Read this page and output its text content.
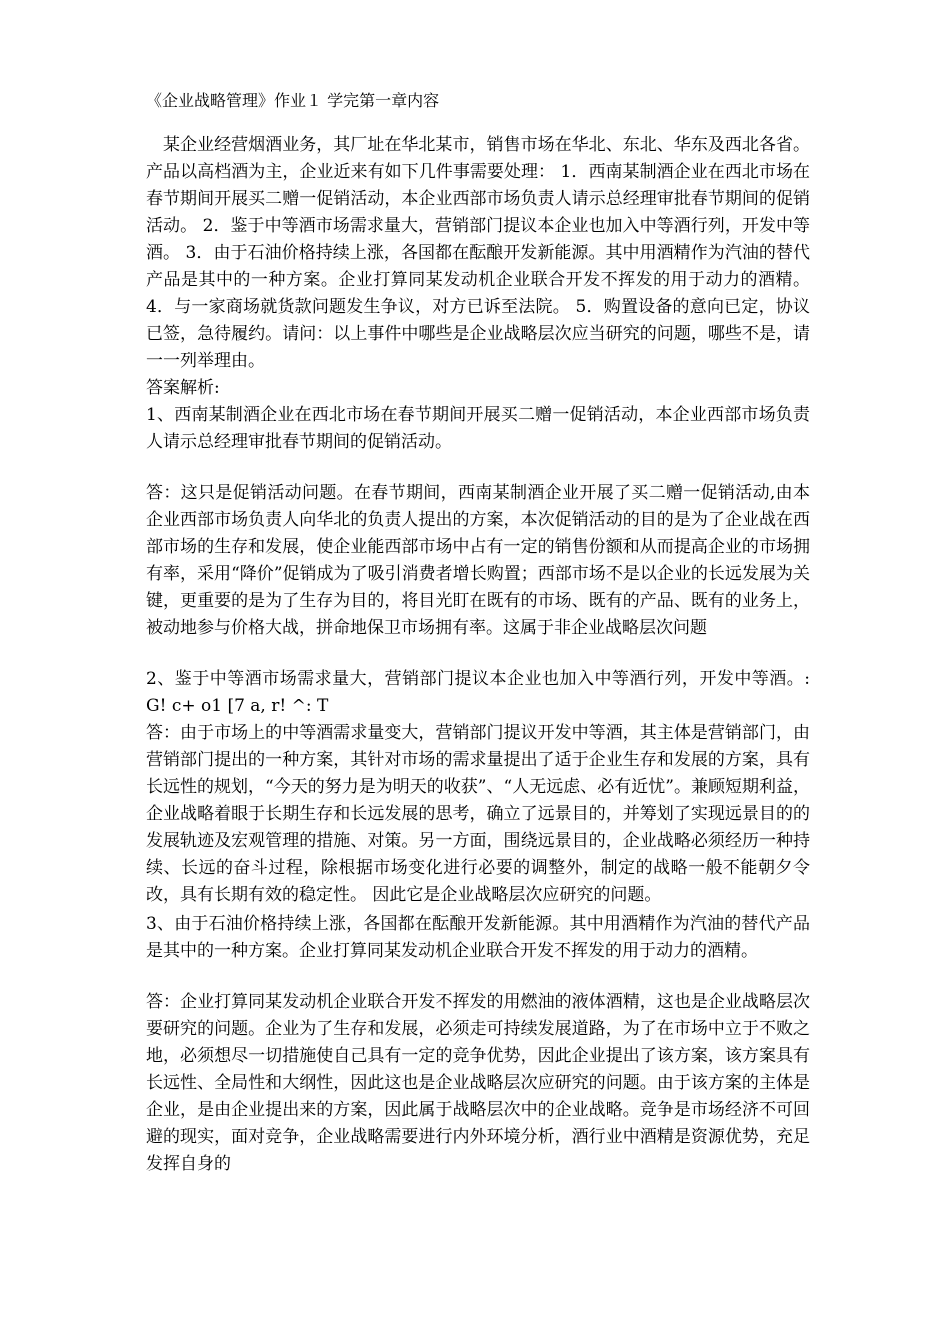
《企业战略管理》作业１ 学完第一章内容

某企业经营烟酒业务，其厂址在华北某市，销售市场在华北、东北、华东及西北各省。产品以高档酒为主，企业近来有如下几件事需要处理： 1．西南某制酒企业在西北市场在春节期间开展买二赠一促销活动，本企业西部市场负责人请示总经理审批春节期间的促销活动。 2．鉴于中等酒市场需求量大，营销部门提议本企业也加入中等酒行列，开发中等酒。 3．由于石油价格持续上涨，各国都在酝酿开发新能源。其中用酒精作为汽油的替代产品是其中的一种方案。企业打算同某发动机企业联合开发不挥发的用于动力的酒精。 4．与一家商场就货款问题发生争议，对方已诉至法院。 5．购置设备的意向已定，协议已签，急待履约。请问：以上事件中哪些是企业战略层次应当研究的问题，哪些不是，请一一列举理由。

答案解析:

1、西南某制酒企业在西北市场在春节期间开展买二赠一促销活动，本企业西部市场负责人请示总经理审批春节期间的促销活动。

答：这只是促销活动问题。在春节期间，西南某制酒企业开展了买二赠一促销活动,由本企业西部市场负责人向华北的负责人提出的方案，本次促销活动的目的是为了企业战在西部市场的生存和发展，使企业能西部市场中占有一定的销售份额和从而提高企业的市场拥有率，采用“降价”促销成为了吸引消费者增长购置；西部市场不是以企业的长远发展为关键，更重要的是为了生存为目的，将目光盯在既有的市场、既有的产品、既有的业务上，被动地参与价格大战，拼命地保卫市场拥有率。这属于非企业战略层次问题

2、鉴于中等酒市场需求量大，营销部门提议本企业也加入中等酒行列，开发中等酒。: G! c+ o1 [7 a, r! ^: T

答：由于市场上的中等酒需求量变大，营销部门提议开发中等酒，其主体是营销部门，由营销部门提出的一种方案，其针对市场的需求量提出了适于企业生存和发展的方案，具有长远性的规划，“今天的努力是为明天的收获”、“人无远虑、必有近忧”。兼顾短期利益，企业战略着眼于长期生存和长远发展的思考，确立了远景目的，并筹划了实现远景目的的发展轨迹及宏观管理的措施、对策。另一方面，围绕远景目的，企业战略必须经历一种持续、长远的奋斗过程，除根据市场变化进行必要的调整外，制定的战略一般不能朝夕令改，具有长期有效的稳定性。 因此它是企业战略层次应研究的问题。

3、由于石油价格持续上涨，各国都在酝酿开发新能源。其中用酒精作为汽油的替代产品是其中的一种方案。企业打算同某发动机企业联合开发不挥发的用于动力的酒精。

答：企业打算同某发动机企业联合开发不挥发的用燃油的液体酒精，这也是企业战略层次要研究的问题。企业为了生存和发展，必须走可持续发展道路，为了在市场中立于不败之地，必须想尽一切措施使自己具有一定的竞争优势，因此企业提出了该方案，该方案具有长远性、全局性和大纲性，因此这也是企业战略层次应研究的问题。由于该方案的主体是企业，是由企业提出来的方案，因此属于战略层次中的企业战略。竞争是市场经济不可回避的现实，面对竞争，企业战略需要进行内外环境分析，酒行业中酒精是资源优势，充足发挥自身的
